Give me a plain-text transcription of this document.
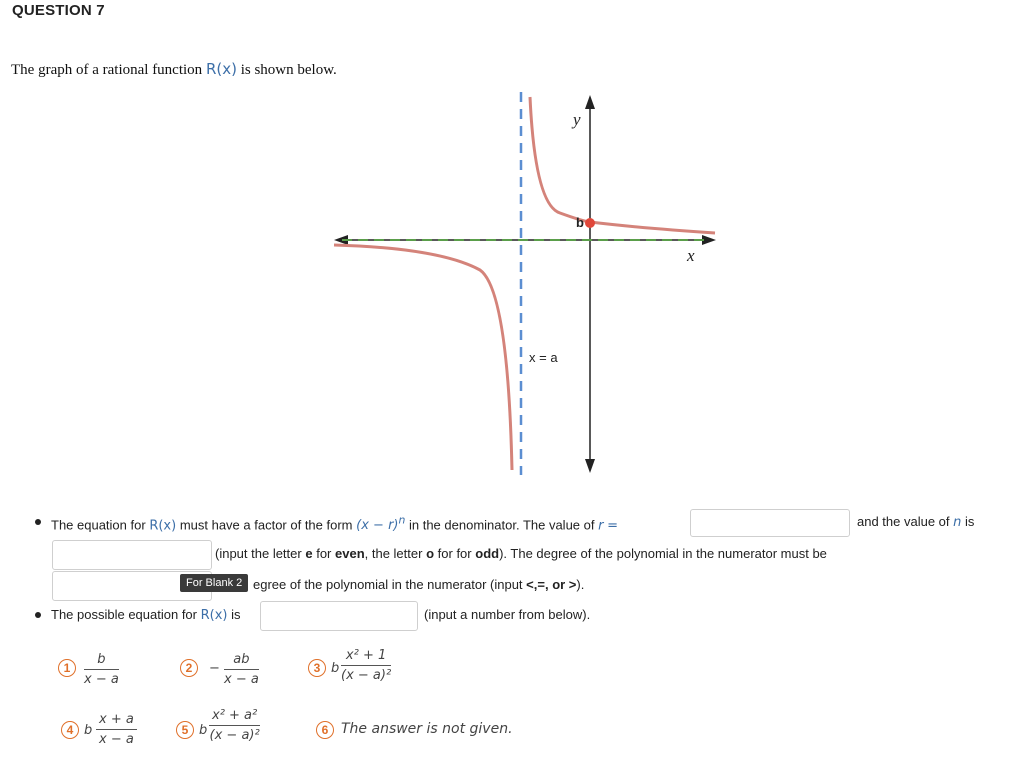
QUESTION 7
The graph of a rational function R(x) is shown below.
b
y
x
x = a
The equation for R(x) must have a factor of the form $(x - r)^n$ in the denominator. The value of r =	and the value of n is
(input the letter e for even, the letter o for for odd). The degree of the polynomial in the numerator must be
For Blank 2 egree of the polynomial in the numerator (input <,=, or >).
The possible equation for R(x) is	(input a number from below).
1	$\frac{b}{x - a}$	2	− $\frac{ab}{x - a}$	3 b $\frac{\text{x² + 1}}{\text{(x − a)²}}$
4 b $\frac{x + a}{x - a}$	5 b $\frac{\text{x² + a²}}{\text{(x − a)²}}$	6 The answer is not given.
